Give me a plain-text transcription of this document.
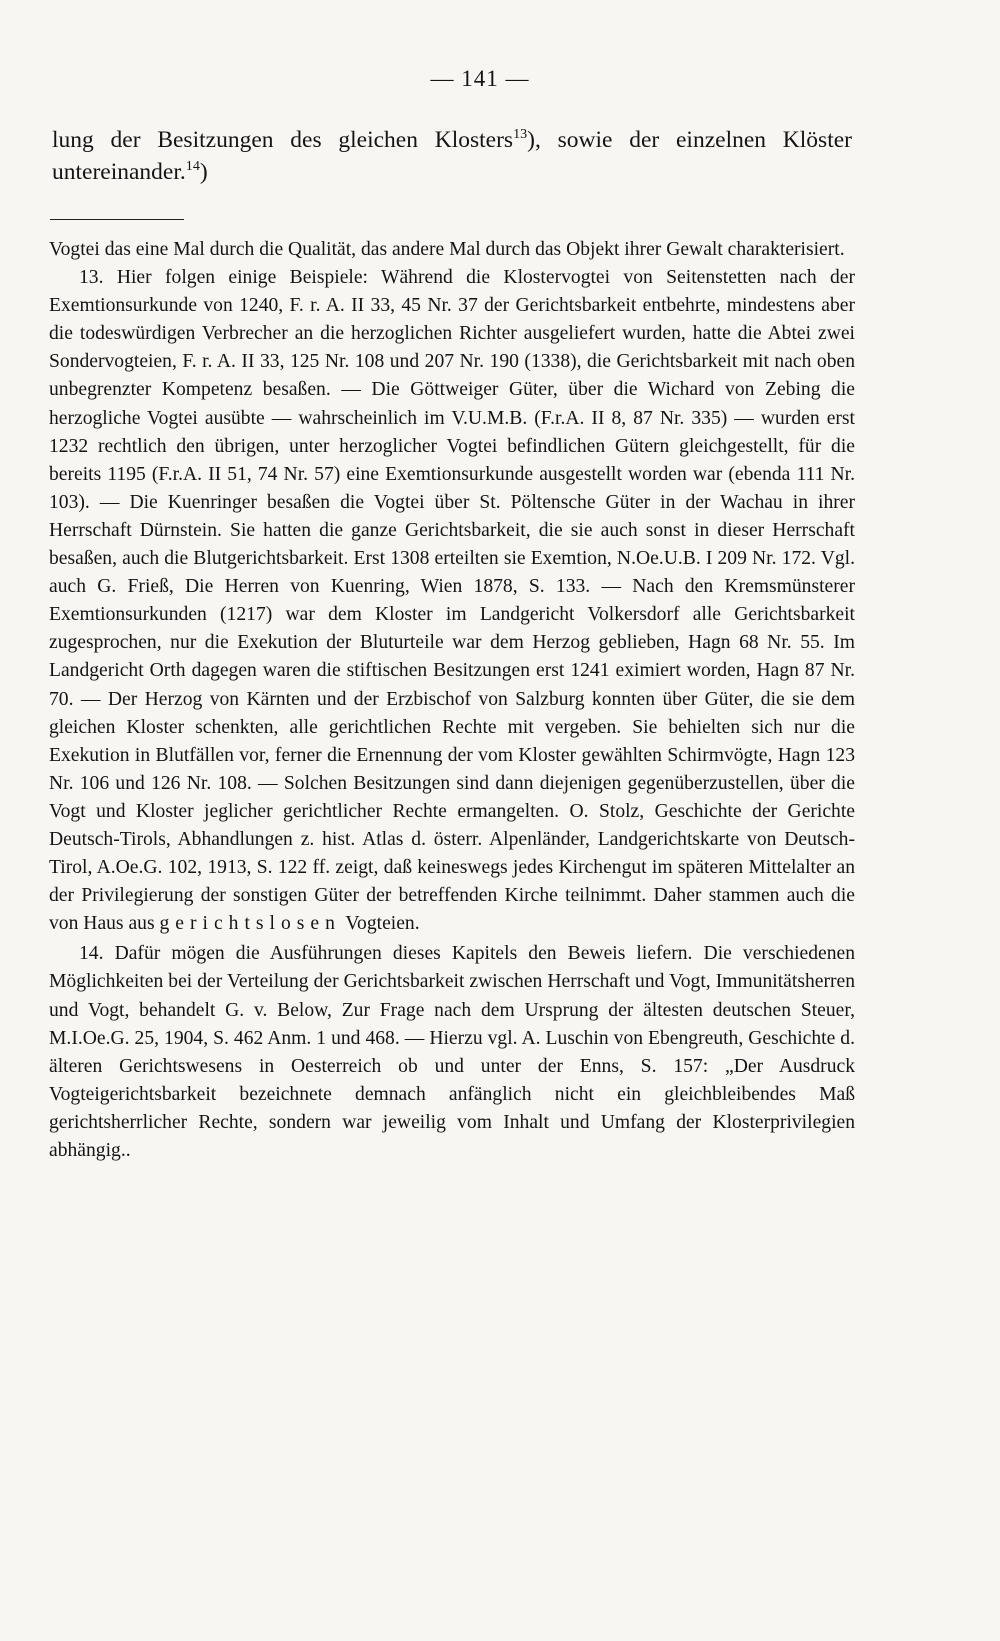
— 141 —

lung der Besitzungen des gleichen Klosters$^{13}$), sowie der einzelnen Klöster untereinander.$^{14}$)

Vogtei das eine Mal durch die Qualität, das andere Mal durch das Objekt ihrer Gewalt charakterisiert.

13. Hier folgen einige Beispiele: Während die Klostervogtei von Seitenstetten nach der Exemtionsurkunde von 1240, F. r. A. II 33, 45 Nr. 37 der Gerichtsbarkeit entbehrte, mindestens aber die todeswürdigen Verbrecher an die herzoglichen Richter ausgeliefert wurden, hatte die Abtei zwei Sondervogteien, F. r. A. II 33, 125 Nr. 108 und 207 Nr. 190 (1338), die Gerichtsbarkeit mit nach oben unbegrenzter Kompetenz besaßen. — Die Göttweiger Güter, über die Wichard von Zebing die herzogliche Vogtei ausübte — wahrscheinlich im V.U.M.B. (F.r.A. II 8, 87 Nr. 335) — wurden erst 1232 rechtlich den übrigen, unter herzoglicher Vogtei befindlichen Gütern gleichgestellt, für die bereits 1195 (F.r.A. II 51, 74 Nr. 57) eine Exemtionsurkunde ausgestellt worden war (ebenda 111 Nr. 103). — Die Kuenringer besaßen die Vogtei über St. Pöltensche Güter in der Wachau in ihrer Herrschaft Dürnstein. Sie hatten die ganze Gerichtsbarkeit, die sie auch sonst in dieser Herrschaft besaßen, auch die Blutgerichtsbarkeit. Erst 1308 erteilten sie Exemtion, N.Oe.U.B. I 209 Nr. 172. Vgl. auch G. Frieß, Die Herren von Kuenring, Wien 1878, S. 133. — Nach den Kremsmünsterer Exemtionsurkunden (1217) war dem Kloster im Landgericht Volkersdorf alle Gerichtsbarkeit zugesprochen, nur die Exekution der Bluturteile war dem Herzog geblieben, Hagn 68 Nr. 55. Im Landgericht Orth dagegen waren die stiftischen Besitzungen erst 1241 eximiert worden, Hagn 87 Nr. 70. — Der Herzog von Kärnten und der Erzbischof von Salzburg konnten über Güter, die sie dem gleichen Kloster schenkten, alle gerichtlichen Rechte mit vergeben. Sie behielten sich nur die Exekution in Blutfällen vor, ferner die Ernennung der vom Kloster gewählten Schirmvögte, Hagn 123 Nr. 106 und 126 Nr. 108. — Solchen Besitzungen sind dann diejenigen gegenüberzustellen, über die Vogt und Kloster jeglicher gerichtlicher Rechte ermangelten. O. Stolz, Geschichte der Gerichte Deutsch-Tirols, Abhandlungen z. hist. Atlas d. österr. Alpenländer, Landgerichtskarte von Deutsch-Tirol, A.Oe.G. 102, 1913, S. 122 ff. zeigt, daß keineswegs jedes Kirchengut im späteren Mittelalter an der Privilegierung der sonstigen Güter der betreffenden Kirche teilnimmt. Daher stammen auch die von Haus aus gerichtslosen Vogteien.

14. Dafür mögen die Ausführungen dieses Kapitels den Beweis liefern. Die verschiedenen Möglichkeiten bei der Verteilung der Gerichtsbarkeit zwischen Herrschaft und Vogt, Immunitätsherren und Vogt, behandelt G. v. Below, Zur Frage nach dem Ursprung der ältesten deutschen Steuer, M.I.Oe.G. 25, 1904, S. 462 Anm. 1 und 468. — Hierzu vgl. A. Luschin von Ebengreuth, Geschichte d. älteren Gerichtswesens in Oesterreich ob und unter der Enns, S. 157: „Der Ausdruck Vogteigerichtsbarkeit bezeichnete demnach anfänglich nicht ein gleichbleibendes Maß gerichtsherrlicher Rechte, sondern war jeweilig vom Inhalt und Umfang der Klosterprivilegien abhängig..
